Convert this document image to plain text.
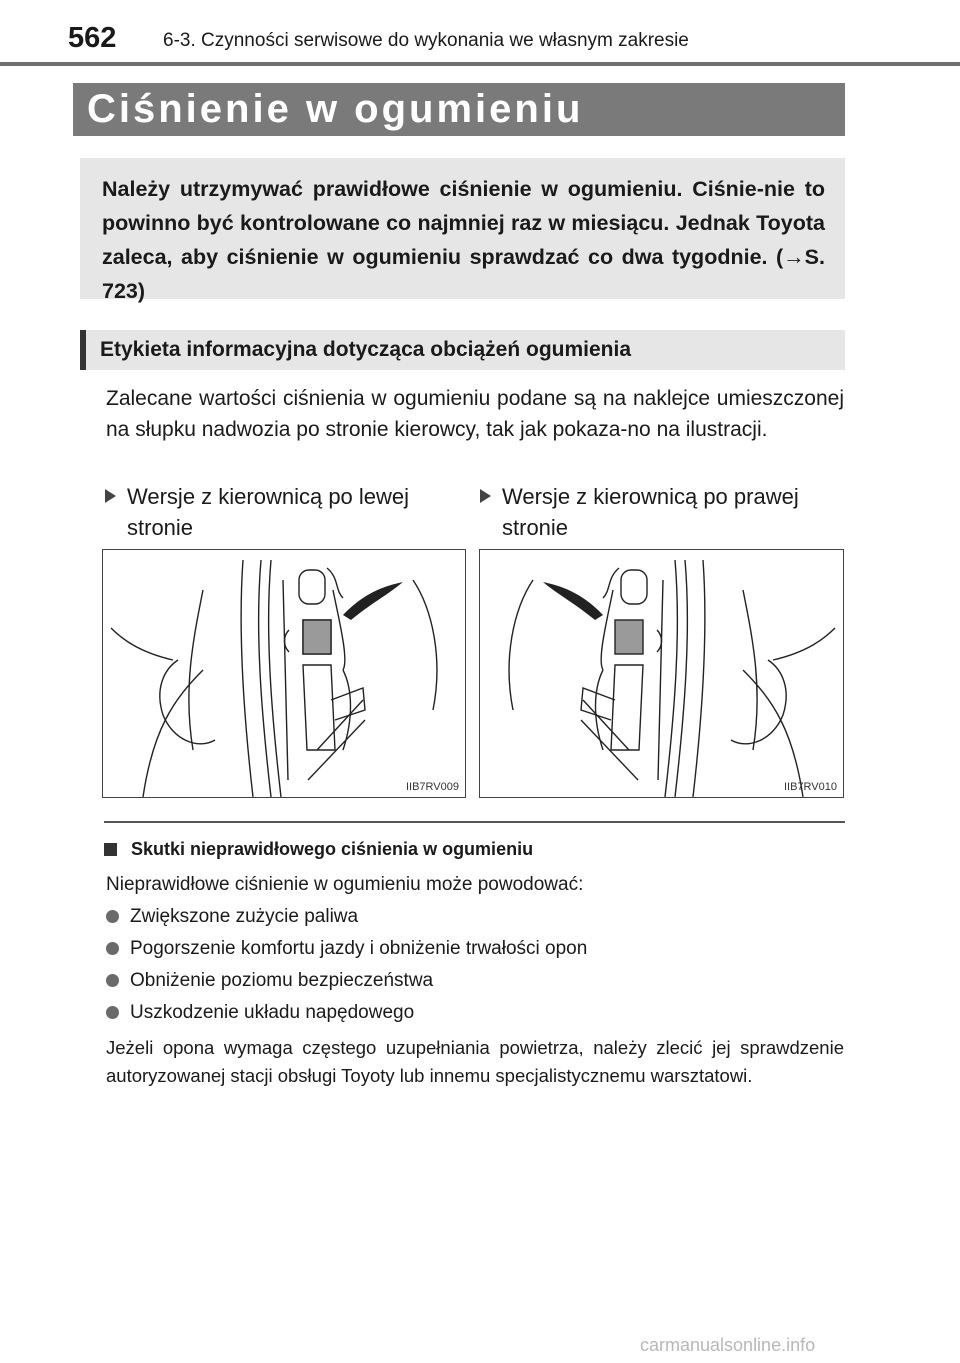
562 6-3. Czynności serwisowe do wykonania we własnym zakresie
Ciśnienie w ogumieniu

Należy utrzymywać prawidłowe ciśnienie w ogumieniu. Ciśnie-nie to powinno być kontrolowane co najmniej raz w miesiącu. Jednak Toyota zaleca, aby ciśnienie w ogumieniu sprawdzać co dwa tygodnie. (→S. 723)

Etykieta informacyjna dotycząca obciążeń ogumienia

Zalecane wartości ciśnienia w ogumieniu podane są na naklejce umieszczonej na słupku nadwozia po stronie kierowcy, tak jak pokaza-no na ilustracji.

Wersje z kierownicą po lewej stronie
Wersje z kierownicą po prawej stronie
IIB7RV009	IIB7RV010
Skutki nieprawidłowego ciśnienia w ogumieniu
Nieprawidłowe ciśnienie w ogumieniu może powodować:
Zwiększone zużycie paliwa
Pogorszenie komfortu jazdy i obniżenie trwałości opon
Obniżenie poziomu bezpieczeństwa
Uszkodzenie układu napędowego

Jeżeli opona wymaga częstego uzupełniania powietrza, należy zlecić jej sprawdzenie autoryzowanej stacji obsługi Toyoty lub innemu specjalistycznemu warsztatowi.

carmanualsonline.info
